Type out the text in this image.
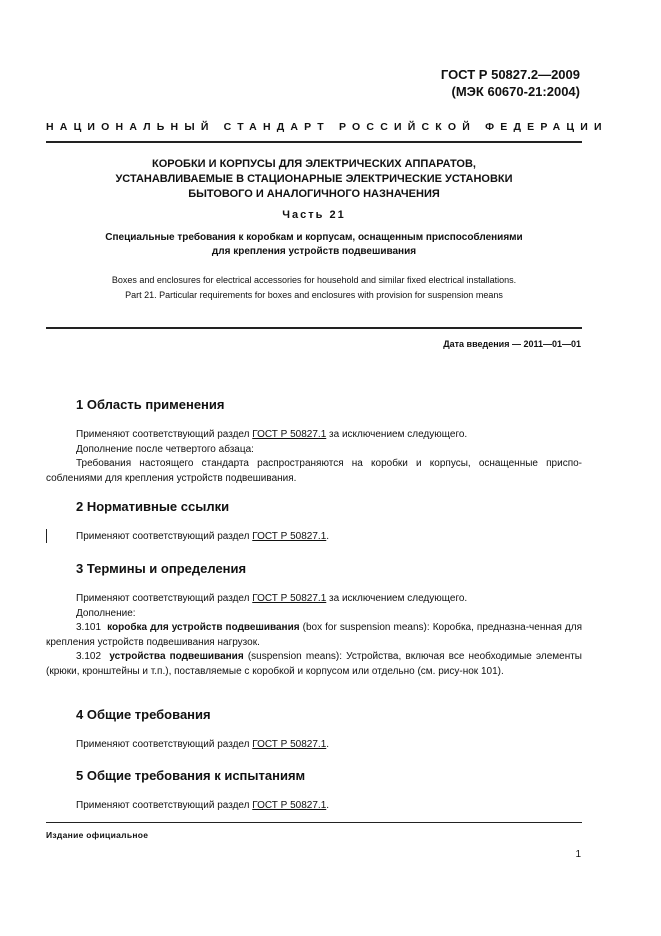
ГОСТ Р 50827.2—2009
(МЭК 60670-21:2004)
НАЦИОНАЛЬНЫЙ СТАНДАРТ РОССИЙСКОЙ ФЕДЕРАЦИИ
КОРОБКИ И КОРПУСЫ ДЛЯ ЭЛЕКТРИЧЕСКИХ АППАРАТОВ,
УСТАНАВЛИВАЕМЫЕ В СТАЦИОНАРНЫЕ ЭЛЕКТРИЧЕСКИЕ УСТАНОВКИ
БЫТОВОГО И АНАЛОГИЧНОГО НАЗНАЧЕНИЯ
Часть 21
Специальные требования к коробкам и корпусам, оснащенным приспособлениями
для крепления устройств подвешивания
Boxes and enclosures for electrical accessories for household and similar fixed electrical installations.
Part 21. Particular requirements for boxes and enclosures with provision for suspension means
Дата введения — 2011—01—01
1 Область применения
Применяют соответствующий раздел ГОСТ Р 50827.1 за исключением следующего.
Дополнение после четвертого абзаца:
Требования настоящего стандарта распространяются на коробки и корпусы, оснащенные приспо-соблениями для крепления устройств подвешивания.
2 Нормативные ссылки
Применяют соответствующий раздел ГОСТ Р 50827.1.
3 Термины и определения
Применяют соответствующий раздел ГОСТ Р 50827.1 за исключением следующего.
Дополнение:
3.101 коробка для устройств подвешивания (box for suspension means): Коробка, предназна-ченная для крепления устройств подвешивания нагрузок.
3.102 устройства подвешивания (suspension means): Устройства, включая все необходимые элементы (крюки, кронштейны и т.п.), поставляемые с коробкой и корпусом или отдельно (см. рису-нок 101).
4 Общие требования
Применяют соответствующий раздел ГОСТ Р 50827.1.
5 Общие требования к испытаниям
Применяют соответствующий раздел ГОСТ Р 50827.1.
Издание официальное
1
